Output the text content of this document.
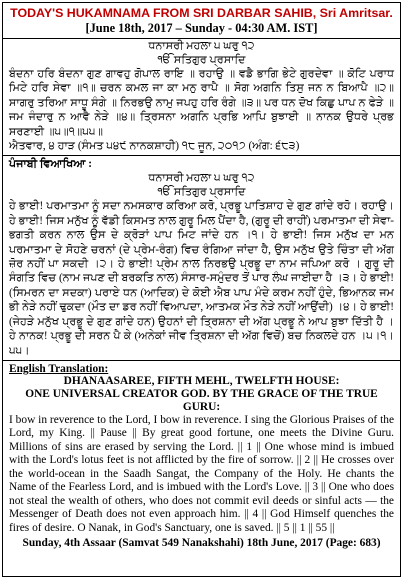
TODAY'S HUKAMNAMA FROM SRI DARBAR SAHIB, Sri Amritsar.
[June 18th, 2017 – Sunday - 04:30 AM. IST]
ਧਨਾਸਰੀ ਮਹਲਾ ੫ ਘਰੁ ੧੨
ੴ ਸਤਿਗੁਰ ਪ੍ਰਸਾਦਿ
ਬੰਦਨਾ ਹਰਿ ਬੰਦਨਾ ਗੁਣ ਗਾਵਹੁ ਗੋਪਾਲ ਰਾਇ ॥ ਰਹਾਉ ॥ ਵਡੈ ਭਾਗਿ ਭੇਟੇ ਗੁਰਦੇਵਾ ॥ ਕੋਟਿ ਪਰਾਧ ਮਿਟੇ ਹਰਿ ਸੇਵਾ ॥੧॥ ਚਰਨ ਕਮਲ ਜਾ ਕਾ ਮਨੁ ਰਾਪੈ ॥ ਸੋਗ ਅਗਨਿ ਤਿਸੁ ਜਨ ਨ ਬਿਆਪੈ ॥੨॥ ਸਾਗਰੁ ਤਰਿਆ ਸਾਧੂ ਸੰਗੇ ॥ ਨਿਰਭਉ ਨਾਮੁ ਜਪਹੁ ਹਰਿ ਰੰਗੇ ॥੩॥ ਪਰ ਧਨ ਦੋਖ ਕਿਛੁ ਪਾਪ ਨ ਫੇੜੇ ॥ ਜਮ ਜੰਦਾਰੁ ਨ ਆਵੈ ਨੇੜੇ ॥੪॥ ਤ੍ਰਿਸਨਾ ਅਗਨਿ ਪ੍ਰਭਿ ਆਪਿ ਬੁਝਾਈ ॥ ਨਾਨਕ ਉਧਰੇ ਪ੍ਰਭ ਸਰਣਾਈ ॥੫॥੧॥੫੫॥
ਐਤਵਾਰ, ੪ ਹਾੜ (ਸੰਮਤ ੫੪੯ ਨਾਨਕਸ਼ਾਹੀ) ੧੮ ਜੂਨ, ੨੦੧੭ (ਅੰਗ: ੬੮੩)
ਪੰਜਾਬੀ ਵਿਆਖਿਆ :
ਧਨਾਸਰੀ ਮਹਲਾ ੫ ਘਰੁ ੧੨
ੴ ਸਤਿਗੁਰ ਪ੍ਰਸਾਦਿ
ਹੇ ਭਾਈ! ਪਰਮਾਤਮਾ ਨੂੰ ਸਦਾ ਨਮਸਕਾਰ ਕਰਿਆ ਕਰੋ, ਪ੍ਰਭੂ ਪਾਤਿਸ਼ਾਹ ਦੇ ਗੁਣ ਗਾਂਦੇ ਰਹੋ। ਰਹਾਉ। ਹੇ ਭਾਈ! ਜਿਸ ਮਨੁੱਖ ਨੂੰ ਵੱਡੀ ਕਿਸਮਤ ਨਾਲ ਗੁਰੂ ਮਿਲ ਪੈਂਦਾ ਹੈ, (ਗੁਰੂ ਦੀ ਰਾਹੀਂ) ਪਰਮਾਤਮਾ ਦੀ ਸੇਵਾ-ਭਗਤੀ ਕਰਨ ਨਾਲ ਉਸ ਦੇ ਕ੍ਰੋੜਾਂ ਪਾਪ ਮਿਟ ਜਾਂਦੇ ਹਨ ।੧। ਹੇ ਭਾਈ! ਜਿਸ ਮਨੁੱਖ ਦਾ ਮਨ ਪਰਮਾਤਮਾ ਦੇ ਸੋਹਣੇ ਚਰਨਾਂ (ਦੇ ਪ੍ਰੇਮ-ਰੰਗ) ਵਿਚ ਰੰਗਿਆ ਜਾਂਦਾ ਹੈ, ਉਸ ਮਨੁੱਖ ਉਤੇ ਚਿੰਤਾ ਦੀ ਅੱਗ ਜ਼ੋਰ ਨਹੀਂ ਪਾ ਸਕਦੀ ।੨। ਹੇ ਭਾਈ! ਪ੍ਰੇਮ ਨਾਲ ਨਿਰਭਉ ਪ੍ਰਭੂ ਦਾ ਨਾਮ ਜਪਿਆ ਕਰੋ । ਗੁਰੂ ਦੀ ਸੰਗਤਿ ਵਿਚ (ਨਾਮ ਜਪਣ ਦੀ ਬਰਕਤਿ ਨਾਲ) ਸੰਸਾਰ-ਸਮੁੰਦਰ ਤੋਂ ਪਾਰ ਲੰਘ ਜਾਈਦਾ ਹੈ ।੩। ਹੇ ਭਾਈ! (ਸਿਮਰਨ ਦਾ ਸਦਕਾ) ਪਰਾਏ ਧਨ (ਆਦਿਕ) ਦੇ ਕੋਈ ਐਬ ਪਾਪ ਮੰਦੇ ਕਰਮ ਨਹੀਂ ਹੁੰਦੇ, ਭਿਆਨਕ ਜਮ ਭੀ ਨੇੜੇ ਨਹੀਂ ਢੁਕਦਾ (ਮੌਤ ਦਾ ਡਰ ਨਹੀਂ ਵਿਆਪਦਾ, ਆਤਮਕ ਮੌਤ ਨੇੜੇ ਨਹੀਂ ਆਉਂਦੀ) ।੪। ਹੇ ਭਾਈ! (ਜੇਹੜੇ ਮਨੁੱਖ ਪ੍ਰਭੂ ਦੇ ਗੁਣ ਗਾਂਦੇ ਹਨ) ਉਹਨਾਂ ਦੀ ਤ੍ਰਿਸ਼ਨਾ ਦੀ ਅੱਗ ਪ੍ਰਭੂ ਨੇ ਆਪ ਬੁਝਾ ਦਿੱਤੀ ਹੈ । ਹੇ ਨਾਨਕ! ਪ੍ਰਭੂ ਦੀ ਸਰਨ ਪੈ ਕੇ (ਅਨੇਕਾਂ ਜੀਵ ਤ੍ਰਿਸ਼ਨਾ ਦੀ ਅੱਗ ਵਿਚੋਂ) ਬਚ ਨਿਕਲਦੇ ਹਨ ।੫।੧।੫੫।
English Translation:
DHANAASAREE, FIFTH MEHL, TWELFTH HOUSE:
ONE UNIVERSAL CREATOR GOD. BY THE GRACE OF THE TRUE GURU:
I bow in reverence to the Lord, I bow in reverence. I sing the Glorious Praises of the Lord, my King. || Pause || By great good fortune, one meets the Divine Guru. Millions of sins are erased by serving the Lord. || 1 || One whose mind is imbued with the Lord's lotus feet is not afflicted by the fire of sorrow. || 2 || He crosses over the world-ocean in the Saadh Sangat, the Company of the Holy. He chants the Name of the Fearless Lord, and is imbued with the Lord's Love. || 3 || One who does not steal the wealth of others, who does not commit evil deeds or sinful acts — the Messenger of Death does not even approach him. || 4 || God Himself quenches the fires of desire. O Nanak, in God's Sanctuary, one is saved. || 5 || 1 || 55 ||
Sunday, 4th Assaar (Samvat 549 Nanakshahi) 18th June, 2017 (Page: 683)
